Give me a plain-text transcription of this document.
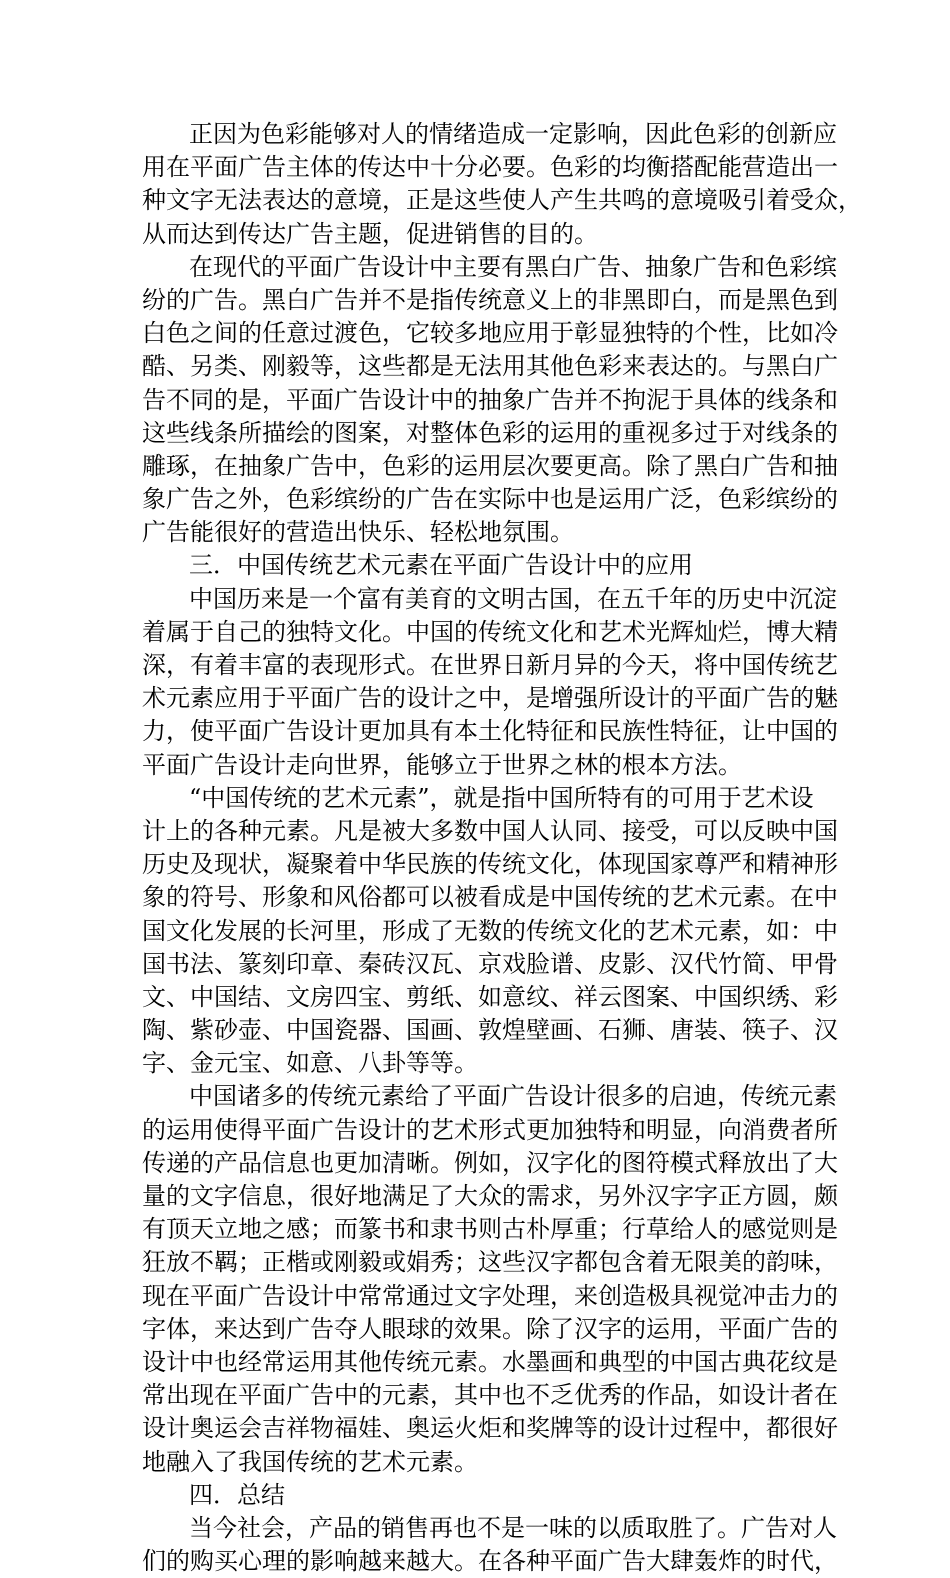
正因为色彩能够对人的情绪造成一定影响，因此色彩的创新应
用在平面广告主体的传达中十分必要。色彩的均衡搭配能营造出一
种文字无法表达的意境，正是这些使人产生共鸣的意境吸引着受众，
从而达到传达广告主题，促进销售的目的。
在现代的平面广告设计中主要有黑白广告、抽象广告和色彩缤
纷的广告。黑白广告并不是指传统意义上的非黑即白，而是黑色到
白色之间的任意过渡色，它较多地应用于彰显独特的个性，比如冷
酷、另类、刚毅等，这些都是无法用其他色彩来表达的。与黑白广
告不同的是，平面广告设计中的抽象广告并不拘泥于具体的线条和
这些线条所描绘的图案，对整体色彩的运用的重视多过于对线条的
雕琢，在抽象广告中，色彩的运用层次要更高。除了黑白广告和抽
象广告之外，色彩缤纷的广告在实际中也是运用广泛，色彩缤纷的
广告能很好的营造出快乐、轻松地氛围。
三．中国传统艺术元素在平面广告设计中的应用
中国历来是一个富有美育的文明古国，在五千年的历史中沉淀
着属于自己的独特文化。中国的传统文化和艺术光辉灿烂，博大精
深，有着丰富的表现形式。在世界日新月异的今天，将中国传统艺
术元素应用于平面广告的设计之中，是增强所设计的平面广告的魅
力，使平面广告设计更加具有本土化特征和民族性特征，让中国的
平面广告设计走向世界，能够立于世界之林的根本方法。
“中国传统的艺术元素”，就是指中国所特有的可用于艺术设
计上的各种元素。凡是被大多数中国人认同、接受，可以反映中国
历史及现状，凝聚着中华民族的传统文化，体现国家尊严和精神形
象的符号、形象和风俗都可以被看成是中国传统的艺术元素。在中
国文化发展的长河里，形成了无数的传统文化的艺术元素，如：中
国书法、篆刻印章、秦砖汉瓦、京戏脸谱、皮影、汉代竹简、甲骨
文、中国结、文房四宝、剪纸、如意纹、祥云图案、中国织绣、彩
陶、紫砂壶、中国瓷器、国画、敦煌壁画、石狮、唐装、筷子、汉
字、金元宝、如意、八卦等等。
中国诸多的传统元素给了平面广告设计很多的启迪，传统元素
的运用使得平面广告设计的艺术形式更加独特和明显，向消费者所
传递的产品信息也更加清晰。例如，汉字化的图符模式释放出了大
量的文字信息，很好地满足了大众的需求，另外汉字字正方圆，颇
有顶天立地之感；而篆书和隶书则古朴厚重；行草给人的感觉则是
狂放不羁；正楷或刚毅或娟秀；这些汉字都包含着无限美的韵味，
现在平面广告设计中常常通过文字处理，来创造极具视觉冲击力的
字体，来达到广告夺人眼球的效果。除了汉字的运用，平面广告的
设计中也经常运用其他传统元素。水墨画和典型的中国古典花纹是
常出现在平面广告中的元素，其中也不乏优秀的作品，如设计者在
设计奥运会吉祥物福娃、奥运火炬和奖牌等的设计过程中，都很好
地融入了我国传统的艺术元素。
四．总结
当今社会，产品的销售再也不是一味的以质取胜了。广告对人
们的购买心理的影响越来越大。在各种平面广告大肆轰炸的时代，
